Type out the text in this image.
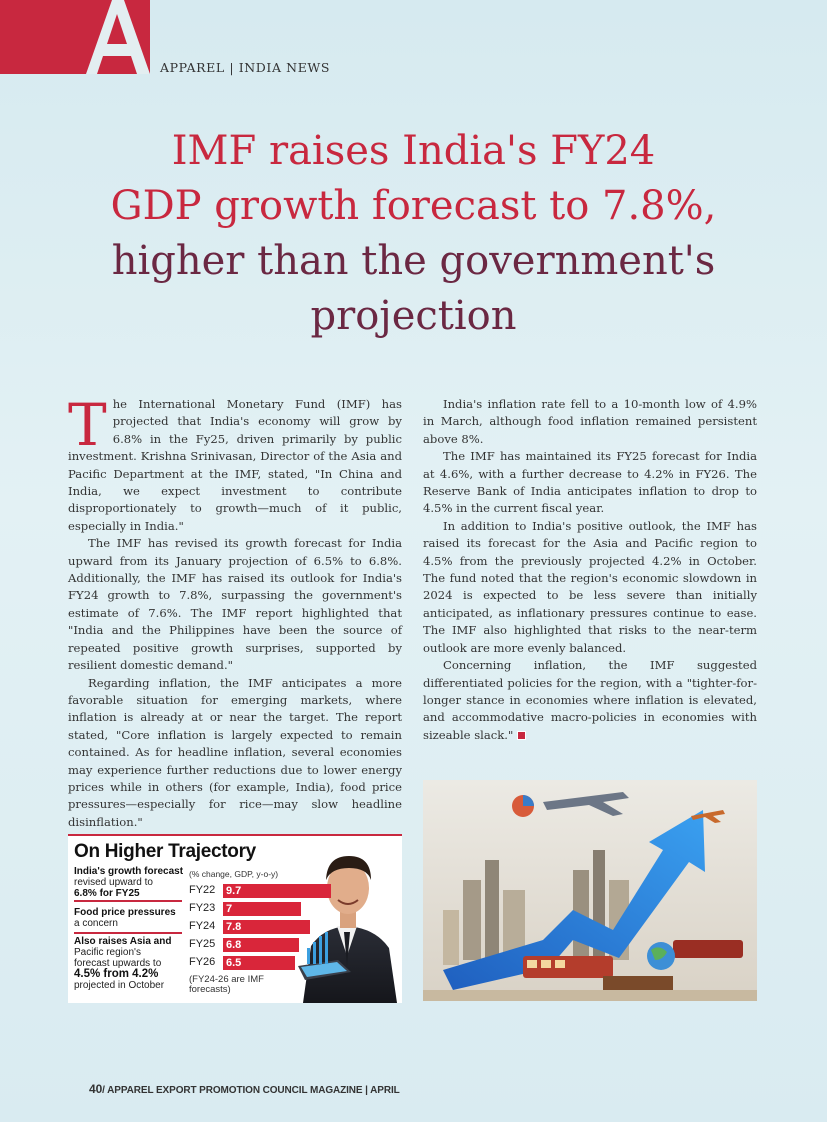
APPAREL | INDIA NEWS
IMF raises India's FY24
GDP growth forecast to 7.8%,
higher than the government's
projection

The International Monetary Fund (IMF) has projected that India's economy will grow by 6.8% in the Fy25, driven primarily by public investment. Krishna Srinivasan, Director of the Asia and Pacific Department at the IMF, stated, "In China and India, we expect investment to contribute disproportionately to growth—much of it public, especially in India."

The IMF has revised its growth forecast for India upward from its January projection of 6.5% to 6.8%. Additionally, the IMF has raised its outlook for India's FY24 growth to 7.8%, surpassing the government's estimate of 7.6%. The IMF report highlighted that "India and the Philippines have been the source of repeated positive growth surprises, supported by resilient domestic demand."

Regarding inflation, the IMF anticipates a more favorable situation for emerging markets, where inflation is already at or near the target. The report stated, "Core inflation is largely expected to remain contained. As for headline inflation, several economies may experience further reductions due to lower energy prices while in others (for example, India), food price pressures—especially for rice—may slow headline disinflation."

India's inflation rate fell to a 10-month low of 4.9% in March, although food inflation remained persistent above 8%.

The IMF has maintained its FY25 forecast for India at 4.6%, with a further decrease to 4.2% in FY26. The Reserve Bank of India anticipates inflation to drop to 4.5% in the current fiscal year.

In addition to India's positive outlook, the IMF has raised its forecast for the Asia and Pacific region to 4.5% from the previously projected 4.2% in October. The fund noted that the region's economic slowdown in 2024 is expected to be less severe than initially anticipated, as inflationary pressures continue to ease. The IMF also highlighted that risks to the near-term outlook are more evenly balanced.

Concerning inflation, the IMF suggested differentiated policies for the region, with a "tighter-for-longer stance in economies where inflation is elevated, and accommodative macro-policies in economies with sizeable slack."

On Higher Trajectory
India's growth forecast
revised upward to
6.8% for FY25
Food price pressures
a concern
Also raises Asia and
Pacific region's
forecast upwards to
4.5% from 4.2%
projected in October
(% change, GDP, y-o-y)
FY22 9.7
FY23 7
FY24 7.8
FY25 6.8
FY26 6.5
(FY24-26 are IMF
forecasts)
40/ APPAREL EXPORT PROMOTION COUNCIL MAGAZINE | APRIL
